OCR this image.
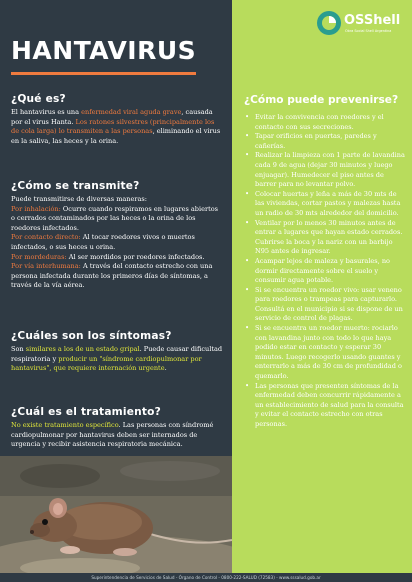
HANTAVIRUS
¿Qué es?

El hantavirus es una enfermedad viral aguda grave, causada por el virus Hanta. Los ratones silvestres (principalmente los de cola larga) lo transmiten a las personas, eliminando el virus en la saliva, las heces y la orina.

¿Cómo se transmite?

Puede transmitirse de diversas maneras:

Por inhalación: Ocurre cuando respiramos en lugares abiertos o cerrados contaminados por las heces o la orina de los roedores infectados.

Por contacto directo: Al tocar roedores vivos o muertos infectados, o sus heces u orina.

Por mordeduras: Al ser mordidos por roedores infectados.

Por vía interhumana: A través del contacto estrecho con una persona infectada durante los primeros días de síntomas, a través de la vía aérea.

¿Cuáles son los síntomas?

Son similares a los de un estado gripal. Puede causar dificultad respiratoria y producir un "síndrome cardiopulmonar por hantavirus", que requiere internación urgente.

¿Cuál es el tratamiento?

No existe tratamiento específico. Las personas con síndromé cardiopulmonar por hantavirus deben ser internados de urgencia y recibir asistencia respiratoria mecánica.

OSShell
Obra Social Shell Argentina
¿Cómo puede prevenirse?
• Evitar la convivencia con roedores y el contacto con sus secreciones.
• Tapar orificios en puertas, paredes y cañerías.
• Realizar la limpieza con 1 parte de lavandina cada 9 de agua (dejar 30 minutos y luego enjuagar). Humedecer el piso antes de barrer para no levantar polvo.
• Colocar huertas y leña a más de 30 mts de las viviendas, cortar pastos y malezas hasta un radio de 30 mts alrededor del domicilio.
• Ventilar por lo menos 30 minutos antes de entrar a lugares que hayan estado cerrados. Cubrirse la boca y la nariz con un barbijo N95 antes de ingresar.
• Acampar lejos de maleza y basurales, no dormir directamente sobre el suelo y consumir agua potable.
• Si se encuentra un roedor vivo: usar veneno para roedores o trampeas para capturarlo. Consultá en el municipio si se dispone de un servicio de control de plagas.
• Si se encuentra un roedor muerto: rociarlo con lavandina junto con todo lo que haya podido estar en contacto y esperar 30 minutos. Luego recogerlo usando guantes y enterrarlo a más de 30 cm de profundidad o quemarlo.
• Las personas que presenten síntomas de la enfermedad deben concurrir rápidamente a un establecimiento de salud para la consulta y evitar el contacto estrecho con otras personas.
Superintendencia de Servicios de Salud - Órgano de Control - 0800-222-SALUD (72583) - www.sssalud.gob.ar
